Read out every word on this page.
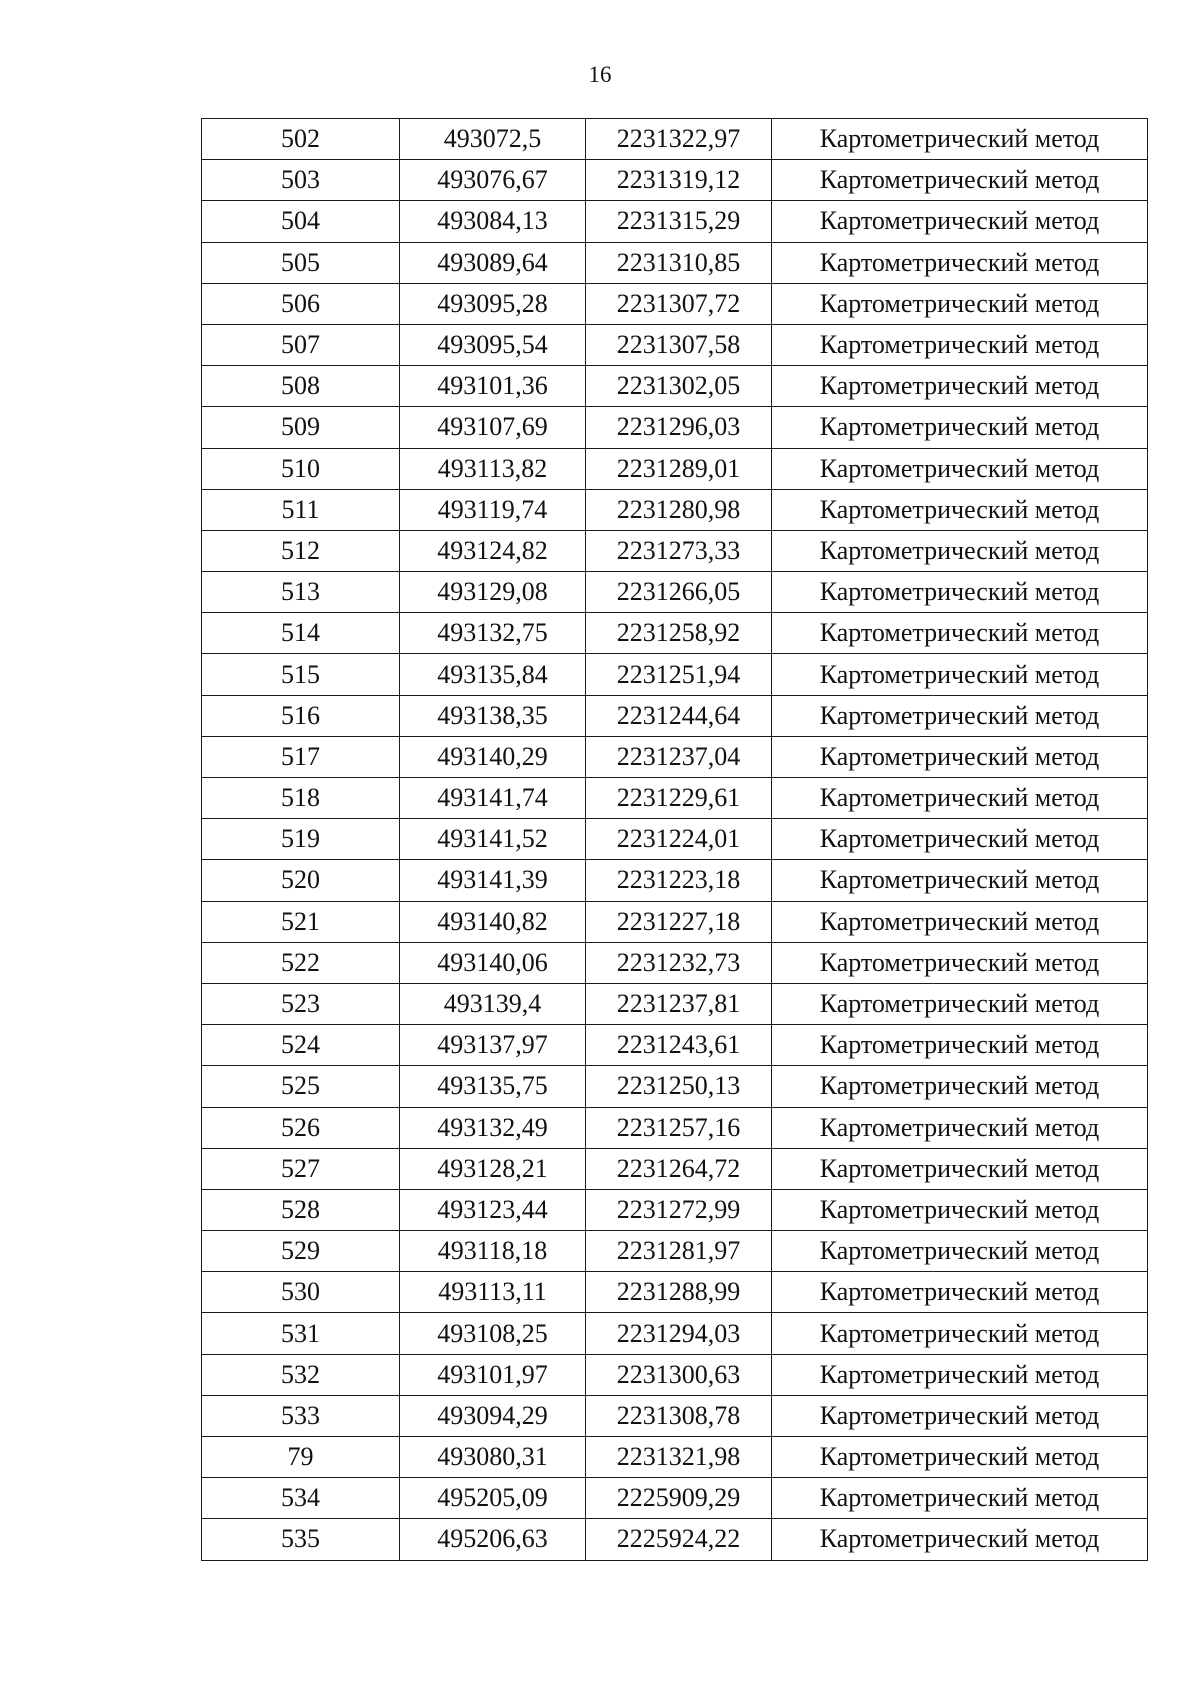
16
502	493072,5	2231322,97	Картометрический метод
503	493076,67	2231319,12	Картометрический метод
504	493084,13	2231315,29	Картометрический метод
505	493089,64	2231310,85	Картометрический метод
506	493095,28	2231307,72	Картометрический метод
507	493095,54	2231307,58	Картометрический метод
508	493101,36	2231302,05	Картометрический метод
509	493107,69	2231296,03	Картометрический метод
510	493113,82	2231289,01	Картометрический метод
511	493119,74	2231280,98	Картометрический метод
512	493124,82	2231273,33	Картометрический метод
513	493129,08	2231266,05	Картометрический метод
514	493132,75	2231258,92	Картометрический метод
515	493135,84	2231251,94	Картометрический метод
516	493138,35	2231244,64	Картометрический метод
517	493140,29	2231237,04	Картометрический метод
518	493141,74	2231229,61	Картометрический метод
519	493141,52	2231224,01	Картометрический метод
520	493141,39	2231223,18	Картометрический метод
521	493140,82	2231227,18	Картометрический метод
522	493140,06	2231232,73	Картометрический метод
523	493139,4	2231237,81	Картометрический метод
524	493137,97	2231243,61	Картометрический метод
525	493135,75	2231250,13	Картометрический метод
526	493132,49	2231257,16	Картометрический метод
527	493128,21	2231264,72	Картометрический метод
528	493123,44	2231272,99	Картометрический метод
529	493118,18	2231281,97	Картометрический метод
530	493113,11	2231288,99	Картометрический метод
531	493108,25	2231294,03	Картометрический метод
532	493101,97	2231300,63	Картометрический метод
533	493094,29	2231308,78	Картометрический метод
79	493080,31	2231321,98	Картометрический метод
534	495205,09	2225909,29	Картометрический метод
535	495206,63	2225924,22	Картометрический метод
